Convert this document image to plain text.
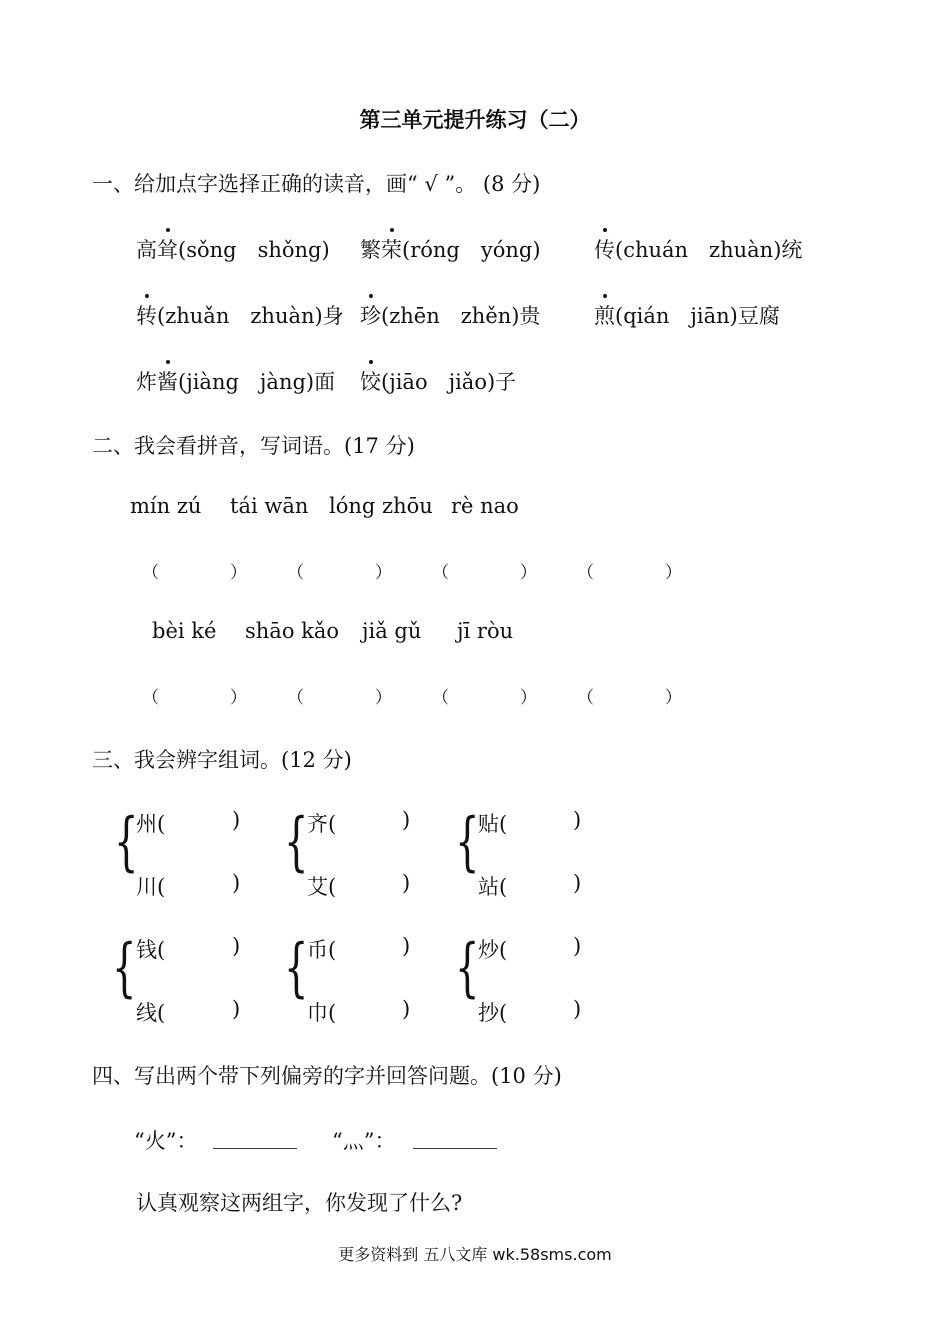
第三单元提升练习（二）
一、给加点字选择正确的读音，画“ √ ”。 (8 分)
高耸(sǒng　shǒng) 繁荣(róng　yóng)	传(chuán　zhuàn)统
转(zhuǎn　zhuàn)身 珍(zhēn　zhěn)贵	煎(qián　jiān)豆腐
炸酱(jiàng　jàng)面 饺(jiāo　jiǎo)子
二、我会看拼音，写词语。(17 分)
mín zú tái wān lóng zhōu rè nao
（	） （	） （	） （	）
bèi ké shāo kǎo jiǎ gǔ jī ròu
（	） （	） （	） （	）
三、我会辨字组词。(12 分)
{
州(	)
川(	)
{
齐(	)
艾(	)
{
贴(	)
站(	)
{ 钱(	)
线(	)
{
币(	)
巾(	)
{
炒(	)
抄(	)
四、写出两个带下列偏旁的字并回答问题。(10 分)
“火”： ________ “灬”： ________
认真观察这两组字，你发现了什么?
更多资料到 五八文库 wk.58sms.com
